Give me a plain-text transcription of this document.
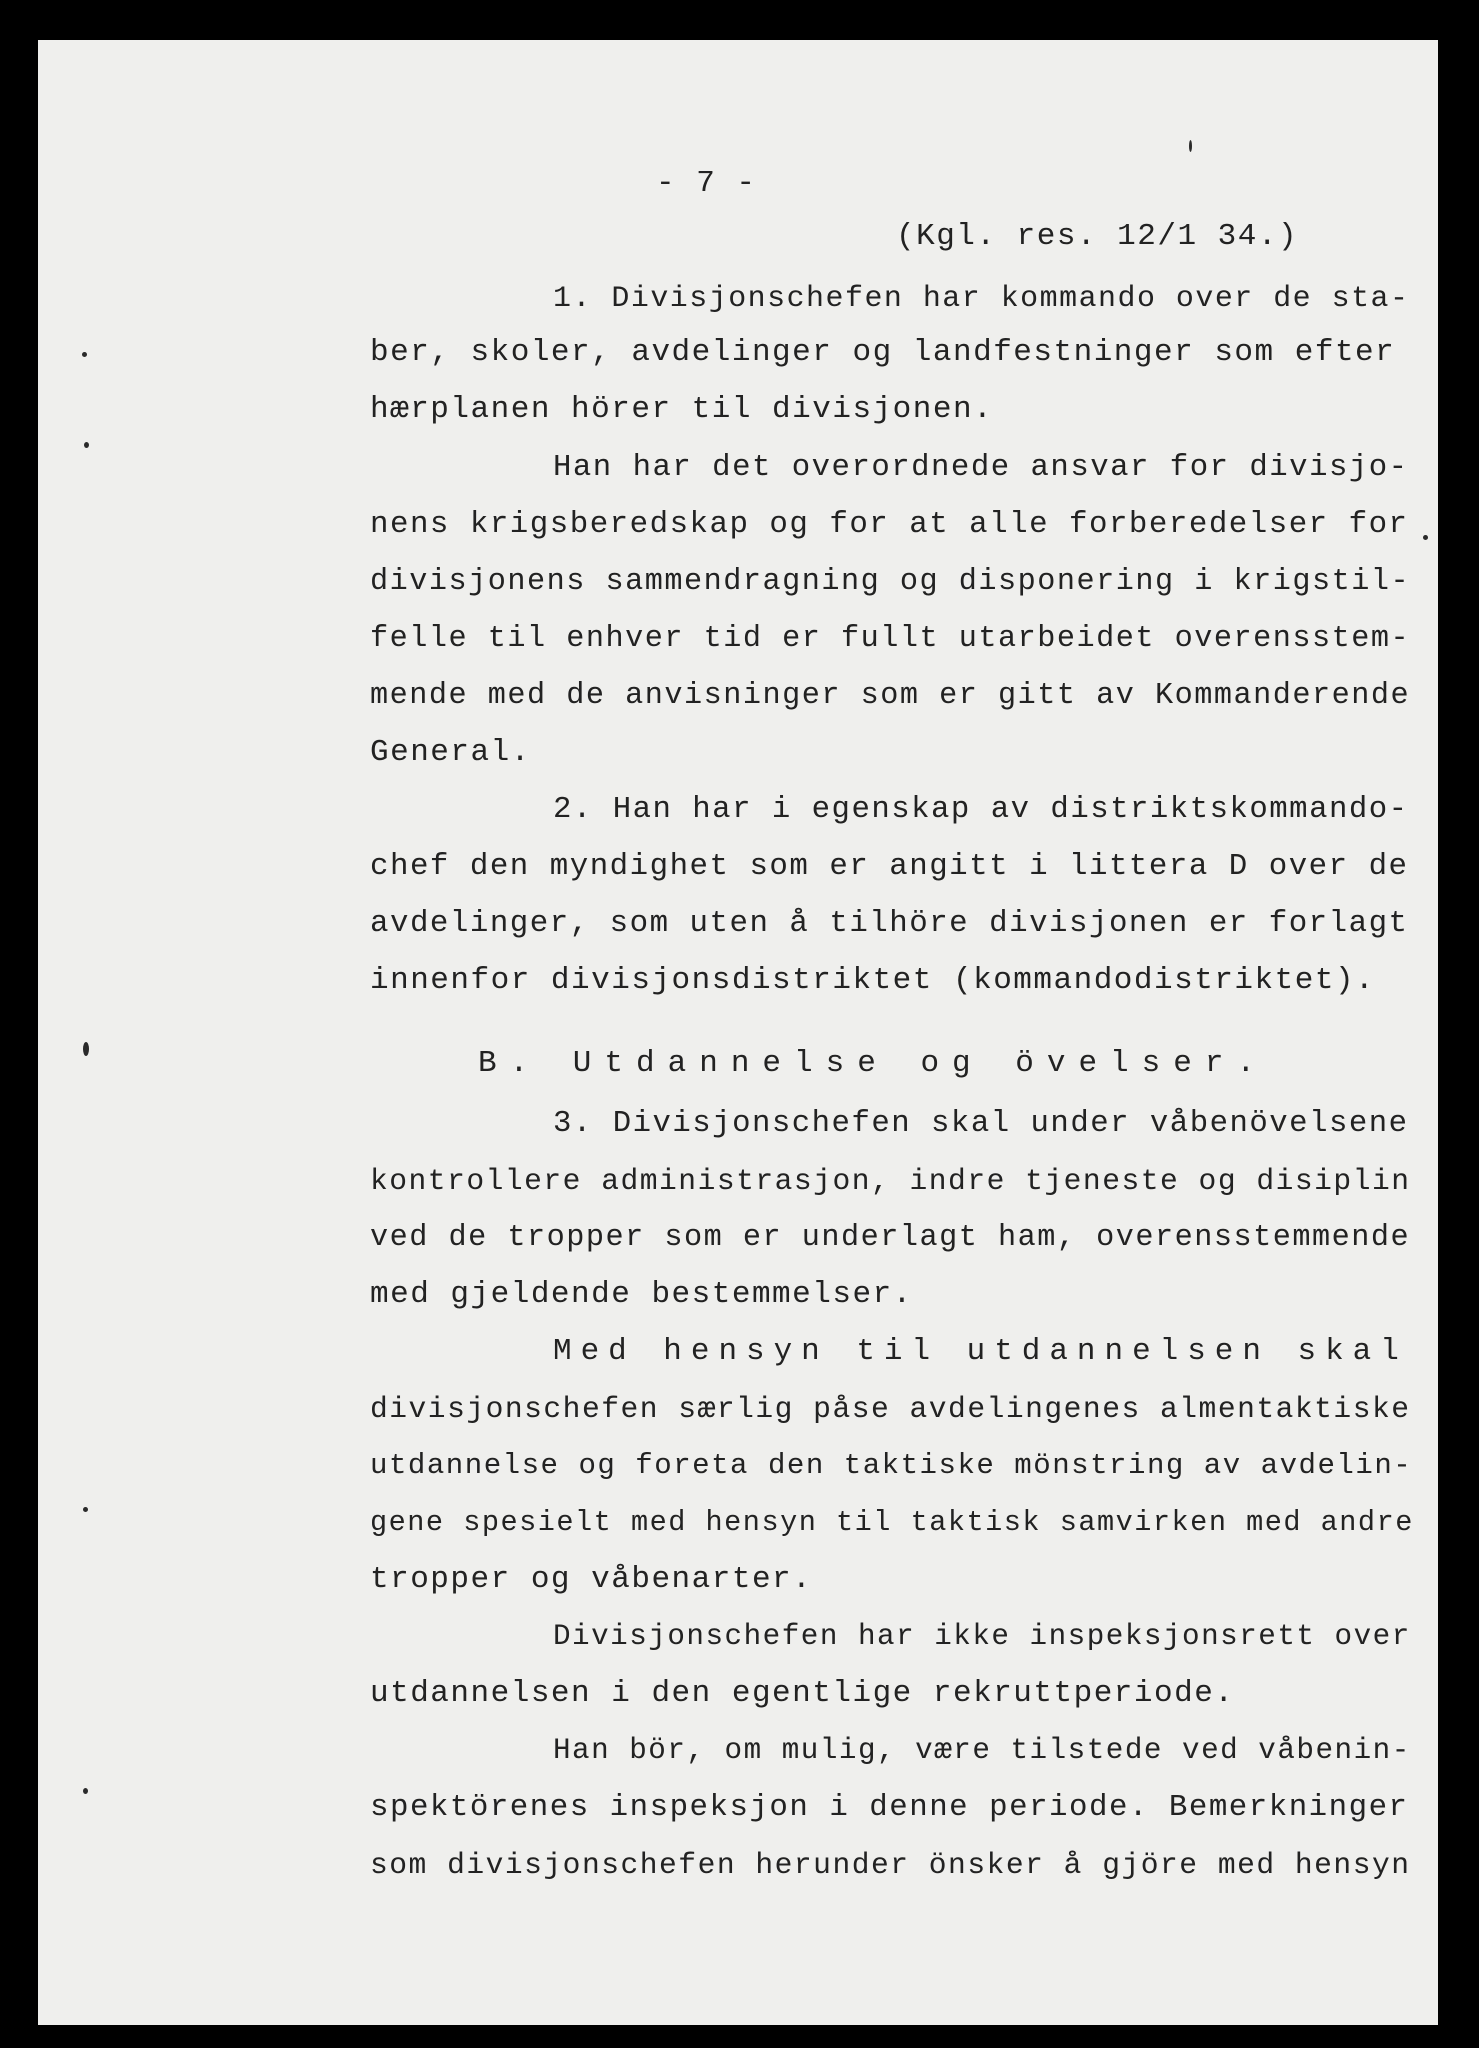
- 7 -
(Kgl. res. 12/1 34.)
1. Divisjonschefen har kommando over de sta-
ber, skoler, avdelinger og landfestninger som efter
hærplanen hörer til divisjonen.
Han har det overordnede ansvar for divisjo-
nens krigsberedskap og for at alle forberedelser for
divisjonens sammendragning og disponering i krigstil-
felle til enhver tid er fullt utarbeidet overensstem-
mende med de anvisninger som er gitt av Kommanderende
General.
2. Han har i egenskap av distriktskommando-
chef den myndighet som er angitt i littera D over de
avdelinger, som uten å tilhöre divisjonen er forlagt
innenfor divisjonsdistriktet (kommandodistriktet).
B. Utdannelse og övelser.
3. Divisjonschefen skal under våbenövelsene
kontrollere administrasjon, indre tjeneste og disiplin
ved de tropper som er underlagt ham, overensstemmende
med gjeldende bestemmelser.
Med hensyn til utdannelsen skal
divisjonschefen særlig påse avdelingenes almentaktiske
utdannelse og foreta den taktiske mönstring av avdelin-
gene spesielt med hensyn til taktisk samvirken med andre
tropper og våbenarter.
Divisjonschefen har ikke inspeksjonsrett over
utdannelsen i den egentlige rekruttperiode.
Han bör, om mulig, være tilstede ved våbenin-
spektörenes inspeksjon i denne periode. Bemerkninger
som divisjonschefen herunder önsker å gjöre med hensyn
